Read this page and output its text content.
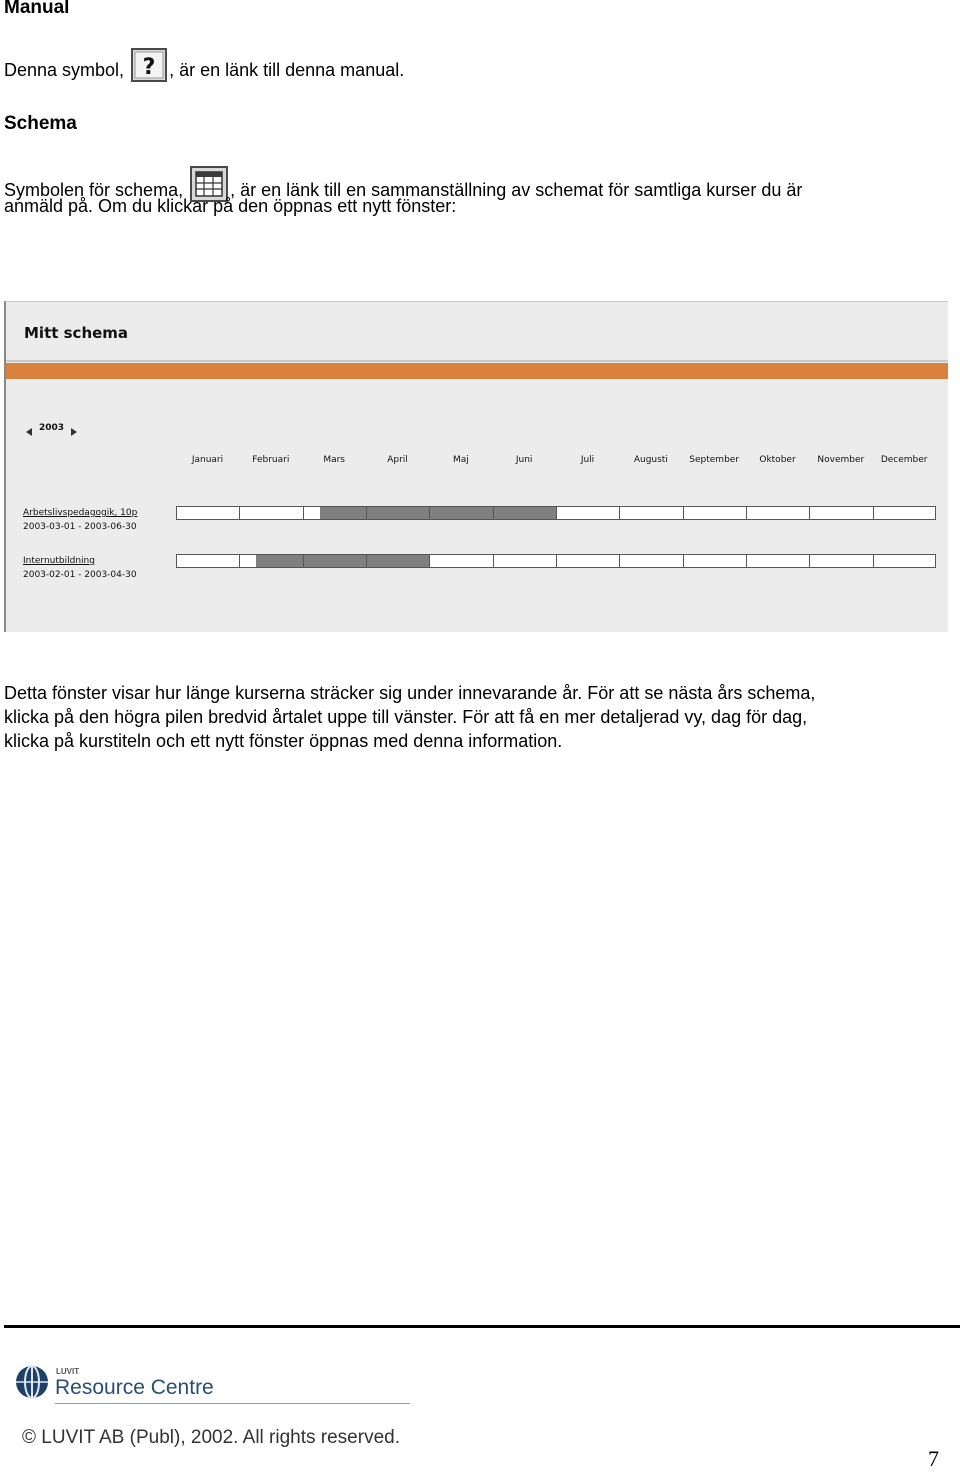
Manual
Denna symbol, ? , är en länk till denna manual.
Schema
Symbolen för schema,	, är en länk till en sammanställning av schemat för samtliga kurser du är
anmäld på. Om du klickar på den öppnas ett nytt fönster:
Mitt schema
2003
Januari	Februari	Mars	April	Maj	Juni	Juli	Augusti	September	Oktober	November	December
Arbetslivspedagogik, 10p
2003-03-01 - 2003-06-30
Internutbildning
2003-02-01 - 2003-04-30
Detta fönster visar hur länge kurserna sträcker sig under innevarande år. För att se nästa års schema,
klicka på den högra pilen bredvid årtalet uppe till vänster. För att få en mer detaljerad vy, dag för dag,
klicka på kurstiteln och ett nytt fönster öppnas med denna information.
LUVIT
Resource Centre
© LUVIT AB (Publ), 2002. All rights reserved.
7
